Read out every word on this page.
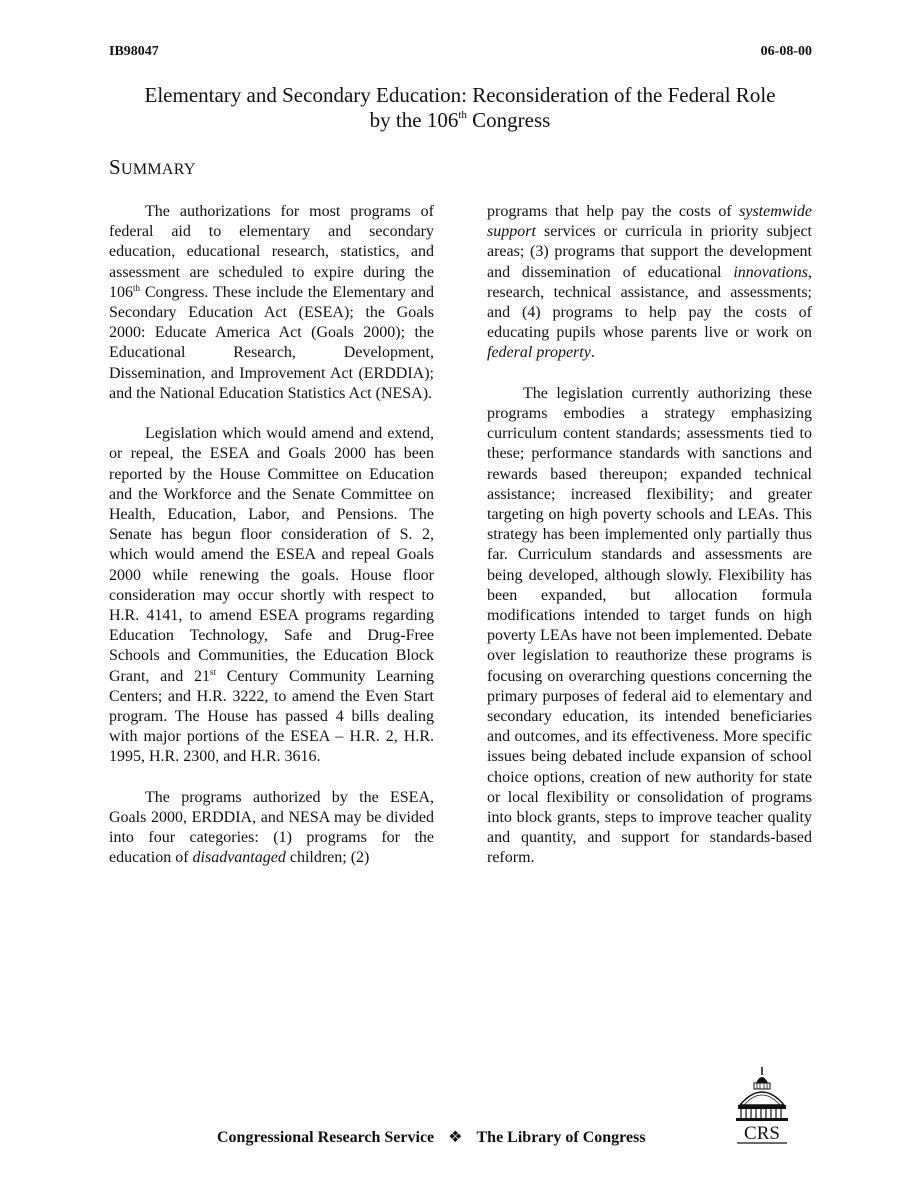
IB98047	06-08-00
Elementary and Secondary Education: Reconsideration of the Federal Role
by the 106th Congress
SUMMARY

The authorizations for most programs of federal aid to elementary and secondary education, educational research, statistics, and assessment are scheduled to expire during the 106th Congress. These include the Elementary and Secondary Education Act (ESEA); the Goals 2000: Educate America Act (Goals 2000); the Educational Research, Development, Dissemination, and Improvement Act (ERDDIA); and the National Education Statistics Act (NESA).

Legislation which would amend and extend, or repeal, the ESEA and Goals 2000 has been reported by the House Committee on Education and the Workforce and the Senate Committee on Health, Education, Labor, and Pensions. The Senate has begun floor consideration of S. 2, which would amend the ESEA and repeal Goals 2000 while renewing the goals. House floor consideration may occur shortly with respect to H.R. 4141, to amend ESEA programs regarding Education Technology, Safe and Drug-Free Schools and Communities, the Education Block Grant, and 21st Century Community Learning Centers; and H.R. 3222, to amend the Even Start program. The House has passed 4 bills dealing with major portions of the ESEA – H.R. 2, H.R. 1995, H.R. 2300, and H.R. 3616.

The programs authorized by the ESEA, Goals 2000, ERDDIA, and NESA may be divided into four categories: (1) programs for the education of disadvantaged children; (2)

programs that help pay the costs of systemwide support services or curricula in priority subject areas; (3) programs that support the development and dissemination of educational innovations, research, technical assistance, and assessments; and (4) programs to help pay the costs of educating pupils whose parents live or work on federal property.

The legislation currently authorizing these programs embodies a strategy emphasizing curriculum content standards; assessments tied to these; performance standards with sanctions and rewards based thereupon; expanded technical assistance; increased flexibility; and greater targeting on high poverty schools and LEAs. This strategy has been implemented only partially thus far. Curriculum standards and assessments are being developed, although slowly. Flexibility has been expanded, but allocation formula modifications intended to target funds on high poverty LEAs have not been implemented. Debate over legislation to reauthorize these programs is focusing on overarching questions concerning the primary purposes of federal aid to elementary and secondary education, its intended beneficiaries and outcomes, and its effectiveness. More specific issues being debated include expansion of school choice options, creation of new authority for state or local flexibility or consolidation of programs into block grants, steps to improve teacher quality and quantity, and support for standards-based reform.

Congressional Research Service ❖ The Library of Congress	CRS
